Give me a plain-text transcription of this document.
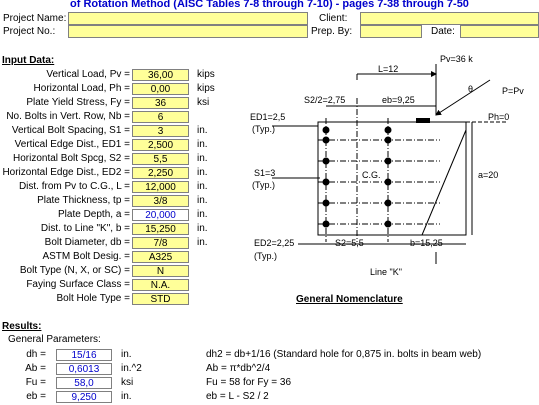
of Rotation Method (AISC Tables 7-8 through 7-10) - pages 7-38 through 7-50
Project Name:	Client:
Project No.:	Prep. By:	Date:
Input Data:
Vertical Load, Pv =	36,00	kips
Horizontal Load, Ph =	0,00	kips
Plate Yield Stress, Fy =	36	ksi
No. Bolts in Vert. Row, Nb =	6
Vertical Bolt Spacing, S1 =	3	in.
Vertical Edge Dist., ED1 =	2,500	in.
Horizontal Bolt Spcg, S2 =	5,5	in.
Horizontal Edge Dist., ED2 =	2,250	in.
Dist. from Pv to C.G., L =	12,000	in.
Plate Thickness, tp =	3/8	in.
Plate Depth, a =	20,000	in.
Dist. to Line "K", b =	15,250	in.
Bolt Diameter, db =	7/8	in.
ASTM Bolt Desig. =	A325
Bolt Type (N, X, or SC) =	N
Faying Surface Class =	N.A.
Bolt Hole Type =	STD
Pv=36 k
θ	P=Pv
L=12
S2/2=2,75	eb=9,25
Ph=0
ED1=2,5
(Typ.)
S1=3
(Typ.)
C.G.	a=20
ED2=2,25
(Typ.)
S2=5,5	b=15,25
Line "K"
General Nomenclature
Results:
General Parameters:
dh =	15/16	in.	dh2 = db+1/16 (Standard hole for 0,875 in. bolts in beam web)
Ab =	0,6013	in.^2	Ab = π*db^2/4
Fu =	58,0	ksi	Fu = 58 for Fy = 36
eb =	9,250	in.	eb = L - S2 / 2
